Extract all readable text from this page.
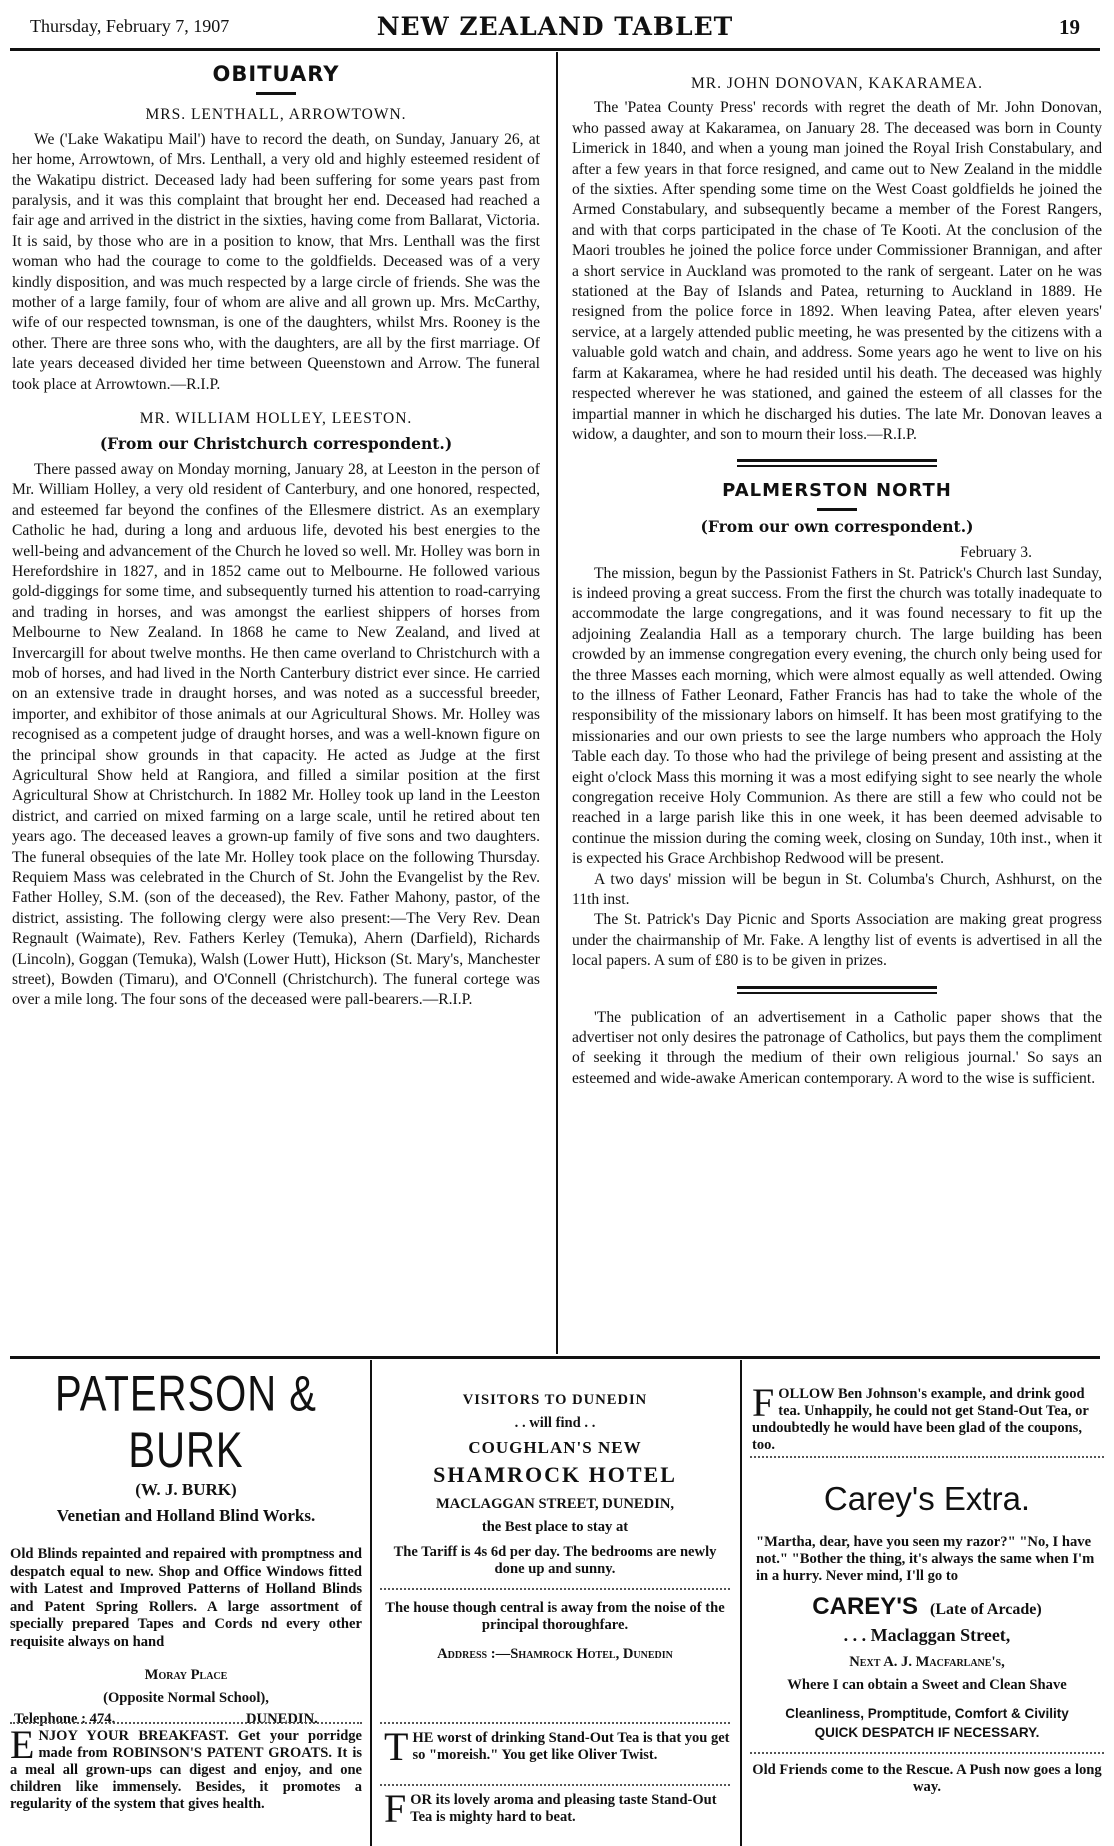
Thursday, February 7, 1907	NEW ZEALAND TABLET	19
OBITUARY
MRS. LENTHALL, ARROWTOWN.

We ('Lake Wakatipu Mail') have to record the death, on Sunday, January 26, at her home, Arrowtown, of Mrs. Lenthall, a very old and highly esteemed resident of the Wakatipu district. Deceased lady had been suffering for some years past from paralysis, and it was this complaint that brought her end. Deceased had reached a fair age and arrived in the district in the sixties, having come from Ballarat, Victoria. It is said, by those who are in a position to know, that Mrs. Lenthall was the first woman who had the courage to come to the goldfields. Deceased was of a very kindly disposition, and was much respected by a large circle of friends. She was the mother of a large family, four of whom are alive and all grown up. Mrs. McCarthy, wife of our respected townsman, is one of the daughters, whilst Mrs. Rooney is the other. There are three sons who, with the daughters, are all by the first marriage. Of late years deceased divided her time between Queenstown and Arrow. The funeral took place at Arrowtown.—R.I.P.

MR. WILLIAM HOLLEY, LEESTON.
(From our Christchurch correspondent.)

There passed away on Monday morning, January 28, at Leeston in the person of Mr. William Holley, a very old resident of Canterbury, and one honored, respected, and esteemed far beyond the confines of the Ellesmere district. As an exemplary Catholic he had, during a long and arduous life, devoted his best energies to the well-being and advancement of the Church he loved so well. Mr. Holley was born in Herefordshire in 1827, and in 1852 came out to Melbourne. He followed various gold-diggings for some time, and subsequently turned his attention to road-carrying and trading in horses, and was amongst the earliest shippers of horses from Melbourne to New Zealand. In 1868 he came to New Zealand, and lived at Invercargill for about twelve months. He then came overland to Christchurch with a mob of horses, and had lived in the North Canterbury district ever since. He carried on an extensive trade in draught horses, and was noted as a successful breeder, importer, and exhibitor of those animals at our Agricultural Shows. Mr. Holley was recognised as a competent judge of draught horses, and was a well-known figure on the principal show grounds in that capacity. He acted as Judge at the first Agricultural Show held at Rangiora, and filled a similar position at the first Agricultural Show at Christchurch. In 1882 Mr. Holley took up land in the Leeston district, and carried on mixed farming on a large scale, until he retired about ten years ago. The deceased leaves a grown-up family of five sons and two daughters. The funeral obsequies of the late Mr. Holley took place on the following Thursday. Requiem Mass was celebrated in the Church of St. John the Evangelist by the Rev. Father Holley, S.M. (son of the deceased), the Rev. Father Mahony, pastor, of the district, assisting. The following clergy were also present:—The Very Rev. Dean Regnault (Waimate), Rev. Fathers Kerley (Temuka), Ahern (Darfield), Richards (Lincoln), Goggan (Temuka), Walsh (Lower Hutt), Hickson (St. Mary's, Manchester street), Bowden (Timaru), and O'Connell (Christchurch). The funeral cortege was over a mile long. The four sons of the deceased were pall-bearers.—R.I.P.

MR. JOHN DONOVAN, KAKARAMEA.

The 'Patea County Press' records with regret the death of Mr. John Donovan, who passed away at Kakaramea, on January 28. The deceased was born in County Limerick in 1840, and when a young man joined the Royal Irish Constabulary, and after a few years in that force resigned, and came out to New Zealand in the middle of the sixties. After spending some time on the West Coast goldfields he joined the Armed Constabulary, and subsequently became a member of the Forest Rangers, and with that corps participated in the chase of Te Kooti. At the conclusion of the Maori troubles he joined the police force under Commissioner Brannigan, and after a short service in Auckland was promoted to the rank of sergeant. Later on he was stationed at the Bay of Islands and Patea, returning to Auckland in 1889. He resigned from the police force in 1892. When leaving Patea, after eleven years' service, at a largely attended public meeting, he was presented by the citizens with a valuable gold watch and chain, and address. Some years ago he went to live on his farm at Kakaramea, where he had resided until his death. The deceased was highly respected wherever he was stationed, and gained the esteem of all classes for the impartial manner in which he discharged his duties. The late Mr. Donovan leaves a widow, a daughter, and son to mourn their loss.—R.I.P.

PALMERSTON NORTH
(From our own correspondent.)
February 3.

The mission, begun by the Passionist Fathers in St. Patrick's Church last Sunday, is indeed proving a great success. From the first the church was totally inadequate to accommodate the large congregations, and it was found necessary to fit up the adjoining Zealandia Hall as a temporary church. The large building has been crowded by an immense congregation every evening, the church only being used for the three Masses each morning, which were almost equally as well attended. Owing to the illness of Father Leonard, Father Francis has had to take the whole of the responsibility of the missionary labors on himself. It has been most gratifying to the missionaries and our own priests to see the large numbers who approach the Holy Table each day. To those who had the privilege of being present and assisting at the eight o'clock Mass this morning it was a most edifying sight to see nearly the whole congregation receive Holy Communion. As there are still a few who could not be reached in a large parish like this in one week, it has been deemed advisable to continue the mission during the coming week, closing on Sunday, 10th inst., when it is expected his Grace Archbishop Redwood will be present.

A two days' mission will be begun in St. Columba's Church, Ashhurst, on the 11th inst.

The St. Patrick's Day Picnic and Sports Association are making great progress under the chairmanship of Mr. Fake. A lengthy list of events is advertised in all the local papers. A sum of £80 is to be given in prizes.

'The publication of an advertisement in a Catholic paper shows that the advertiser not only desires the patronage of Catholics, but pays them the compliment of seeking it through the medium of their own religious journal.' So says an esteemed and wide-awake American contemporary. A word to the wise is sufficient.

PATERSON & BURK
(W. J. BURK)
Venetian and Holland Blind Works.
Old Blinds repainted and repaired with promptness and despatch equal to new. Shop and Office Windows fitted with Latest and Improved Patterns of Holland Blinds and Patent Spring Rollers. A large assortment of specially prepared Tapes and Cords nd every other requisite always on hand
Moray Place
(Opposite Normal School),
Telephone : 474.	DUNEDIN.
E NJOY YOUR BREAKFAST. Get your porridge made from ROBINSON'S PATENT GROATS. It is a meal all grown-ups can digest and enjoy, and one children like immensely. Besides, it promotes a regularity of the system that gives health.
VISITORS TO DUNEDIN
. . will find . .
COUGHLAN'S NEW
SHAMROCK HOTEL
MACLAGGAN STREET, DUNEDIN,
the Best place to stay at
The Tariff is 4s 6d per day. The bedrooms are newly done up and sunny.
The house though central is away from the noise of the principal thoroughfare.
Address :—Shamrock Hotel, Dunedin
T HE worst of drinking Stand-Out Tea is that you get so "moreish." You get like Oliver Twist.
F OR its lovely aroma and pleasing taste Stand-Out Tea is mighty hard to beat.
F OLLOW Ben Johnson's example, and drink good tea. Unhappily, he could not get Stand-Out Tea, or undoubtedly he would have been glad of the coupons, too.
Carey's Extra.
"Martha, dear, have you seen my razor?" "No, I have not." "Bother the thing, it's always the same when I'm in a hurry. Never mind, I'll go to
CAREY'S (Late of Arcade)
. . . Maclaggan Street,
Next A. J. Macfarlane's,
Where I can obtain a Sweet and Clean Shave
Cleanliness, Promptitude, Comfort & Civility
QUICK DESPATCH IF NECESSARY.
Old Friends come to the Rescue. A Push now goes a long way.
